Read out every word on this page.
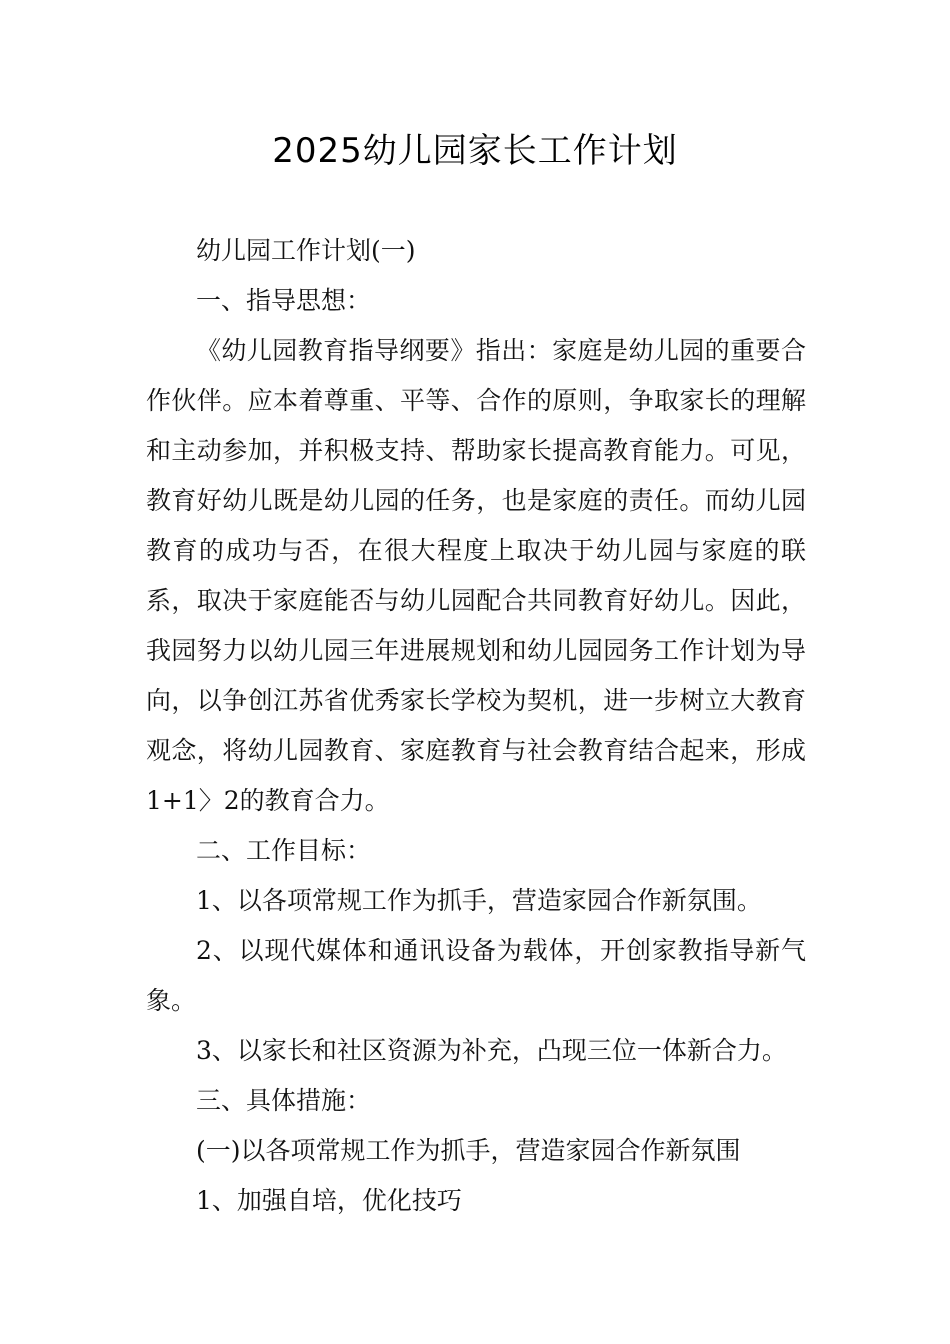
2025幼儿园家长工作计划

幼儿园工作计划(一)

一、指导思想：

《幼儿园教育指导纲要》指出：家庭是幼儿园的重要合作伙伴。应本着尊重、平等、合作的原则，争取家长的理解和主动参加，并积极支持、帮助家长提高教育能力。可见，教育好幼儿既是幼儿园的任务，也是家庭的责任。而幼儿园教育的成功与否，在很大程度上取决于幼儿园与家庭的联系，取决于家庭能否与幼儿园配合共同教育好幼儿。因此，我园努力以幼儿园三年进展规划和幼儿园园务工作计划为导向，以争创江苏省优秀家长学校为契机，进一步树立大教育观念，将幼儿园教育、家庭教育与社会教育结合起来，形成1+1〉2的教育合力。

二、工作目标：

1、以各项常规工作为抓手，营造家园合作新氛围。

2、以现代媒体和通讯设备为载体，开创家教指导新气象。

3、以家长和社区资源为补充，凸现三位一体新合力。

三、具体措施：

(一)以各项常规工作为抓手，营造家园合作新氛围

1、加强自培，优化技巧
